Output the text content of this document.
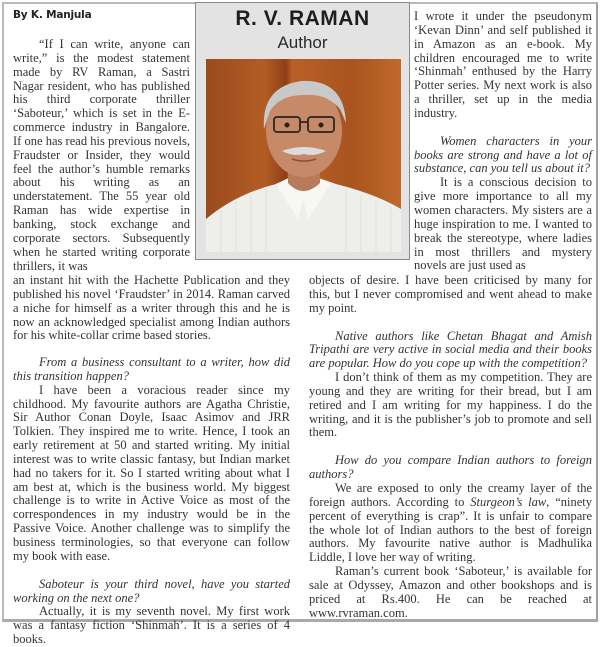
By K. Manjula

“If I can write, anyone can write,” is the modest statement made by RV Raman, a Sastri Nagar resident, who has published his third corporate thriller ‘Saboteur,’ which is set in the E-commerce industry in Bangalore. If one has read his previous novels, Fraudster or Insider, they would feel the author’s humble remarks about his writing as an understatement. The 55 year old Raman has wide expertise in banking, stock exchange and corporate sectors. Subsequently when he started writing corporate thrillers, it was

an instant hit with the Hachette Publication and they published his novel ‘Fraudster’ in 2014. Raman carved a niche for himself as a writer through this and he is now an acknowledged specialist among Indian authors for his white-collar crime based stories.

From a business consultant to a writer, how did this transition happen?

I have been a voracious reader since my childhood. My favourite authors are Agatha Christie, Sir Author Conan Doyle, Isaac Asimov and JRR Tolkien. They inspired me to write. Hence, I took an early retirement at 50 and started writing. My initial interest was to write classic fantasy, but Indian market had no takers for it. So I started writing about what I am best at, which is the business world. My biggest challenge is to write in Active Voice as most of the correspondences in my industry would be in the Passive Voice. Another challenge was to simplify the business terminologies, so that everyone can follow my book with ease.

Saboteur is your third novel, have you started working on the next one?

Actually, it is my seventh novel. My first work was a fantasy fiction ‘Shinmah’. It is a series of 4 books.

R. V. RAMAN
Author

I wrote it under the pseudonym ‘Kevan Dinn’ and self published it in Amazon as an e-book. My children encouraged me to write ‘Shinmah’ enthused by the Harry Potter series. My next work is also a thriller, set up in the media industry.

Women characters in your books are strong and have a lot of substance, can you tell us about it?

It is a conscious decision to give more importance to all my women characters. My sisters are a huge inspiration to me. I wanted to break the stereotype, where ladies in most thrillers and mystery novels are just used as

objects of desire. I have been criticised by many for this, but I never compromised and went ahead to make my point.

Native authors like Chetan Bhagat and Amish Tripathi are very active in social media and their books are popular. How do you cope up with the competition?

I don’t think of them as my competition. They are young and they are writing for their bread, but I am retired and I am writing for my happiness. I do the writing, and it is the publisher’s job to promote and sell them.

How do you compare Indian authors to foreign authors?

We are exposed to only the creamy layer of the foreign authors. According to Sturgeon’s law, “ninety percent of everything is crap”. It is unfair to compare the whole lot of Indian authors to the best of foreign authors. My favourite native author is Madhulika Liddle, I love her way of writing.

Raman’s current book ‘Saboteur,’ is available for sale at Odyssey, Amazon and other bookshops and is priced at Rs.400. He can be reached at www.rvraman.com.
